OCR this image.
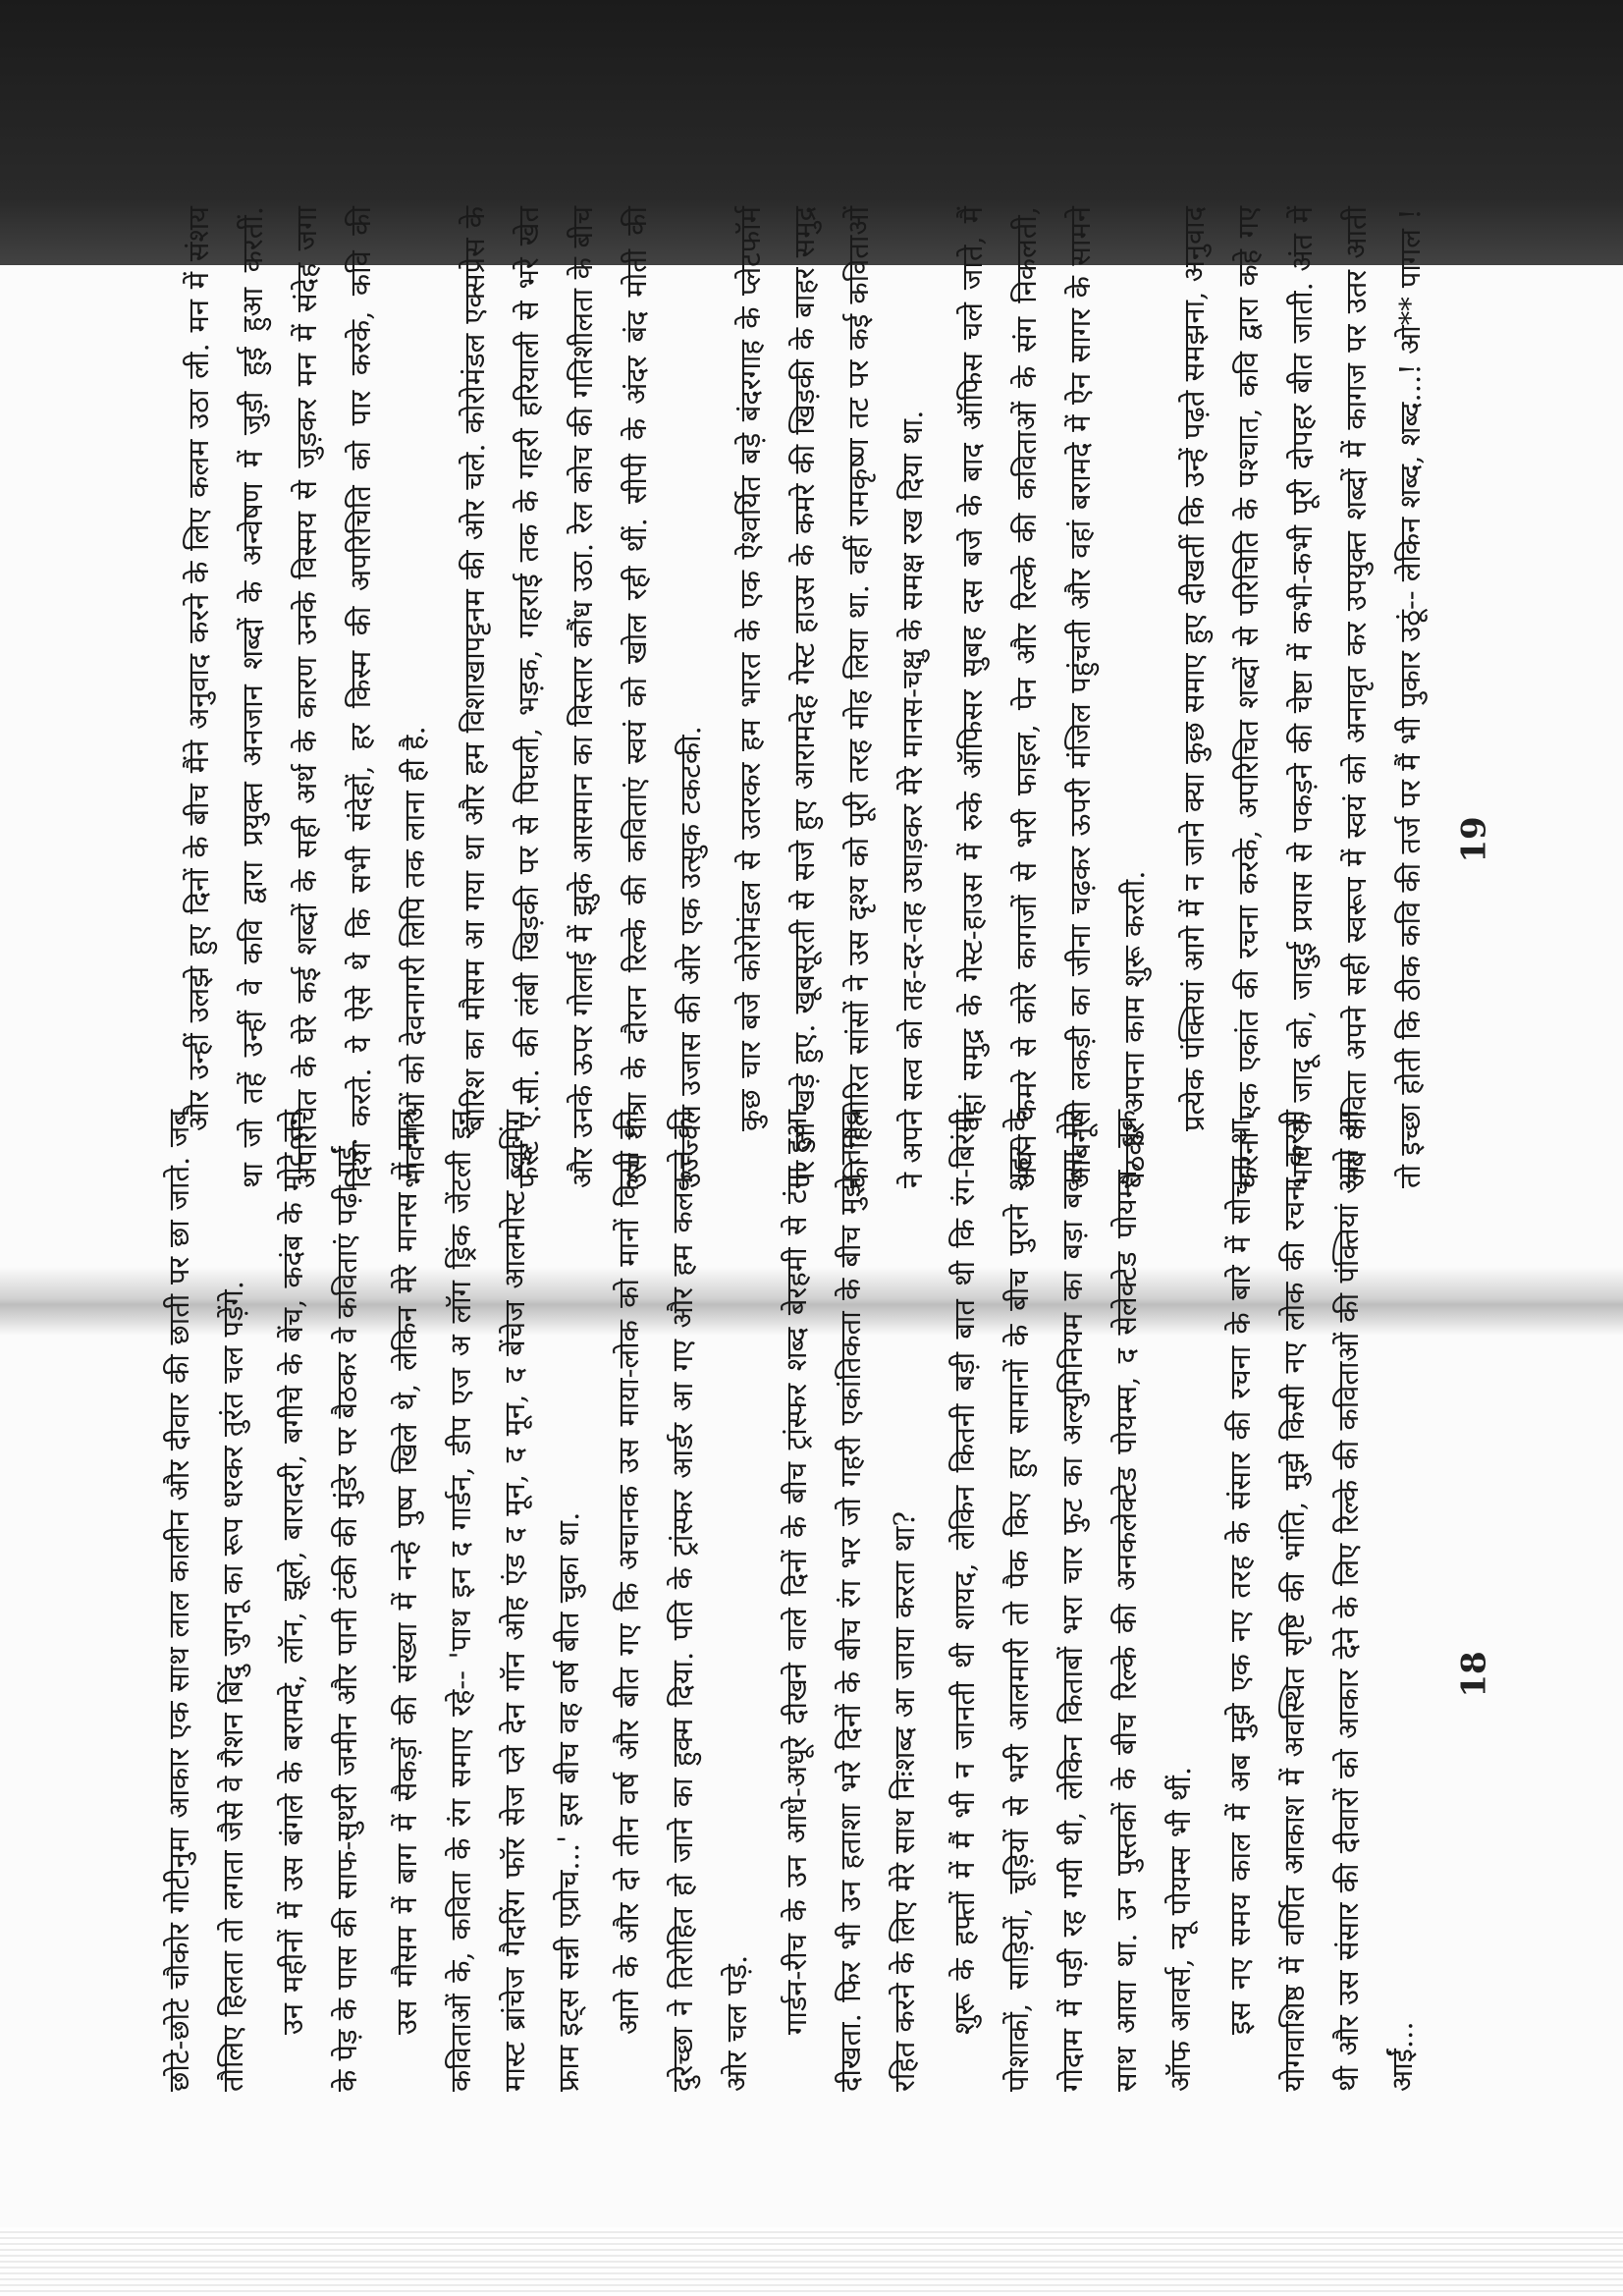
छोटे-छोटे चौकोर गोटीनुमा आकार एक साथ लाल कालीन और दीवार की छाती पर छा जाते. जब तौलिए हिलता तो लगता जैसे वे रौशन बिंदु जुगनू का रूप धरकर तुरंत चल पड़ेंगे. उन महीनों में उस बंगले के बरामदे, लॉन, झूले, बारादरी, बगीचे के बेंच, कदंब के मोटे तने के पेड़ के पास की साफ-सुथरी जमीन और पानी टंकी की मुंडेर पर बैठकर वे कविताएं पढ़ी गईं. उस मौसम में बाग में सैकड़ों की संख्या में नन्हे पुष्प खिले थे, लेकिन मेरे मानस में मात्र कविताओं के, कविता के रंग समाए रहे-- 'पाथ इन द गार्डन, डीप एज अ लॉग ड्रिंक जेंटली इन मास्ट ब्रांचेज गैदरिंग फॉर सेज प्ले देन गॉन ओह एंड द मून, द मून, द बेंचेज आलमोस्ट ब्लूमिंग फ्राम इट्स सन्नी एप्रोच...' इस बीच वह वर्ष बीत चुका था. आगे के और दो तीन वर्ष और बीत गए कि अचानक उस माया-लोक को मानों किसी की दुरेच्छा ने तिरोहित हो जाने का हुक्म दिया. पति के ट्रांस्फर आर्डर आ गए और हम कलकत्ते की ओर चल पड़े. गार्डन-रीच के उन आधे-अधूरे दीखने वाले दिनों के बीच ट्रांस्फर शब्द बेरहमी से टंगा हुआ दीखता. फिर भी उन हताशा भरे दिनों के बीच रंग भर जो गहरी एकांतिकता के बीच मुझे तनाव रहित करने के लिए मेरे साथ निःशब्द आ जाया करता था? शुरू के हफ्तों में मैं भी न जानती थी शायद, लेकिन कितनी बड़ी बात थी कि रंग-बिरंगी पोशाकों, साड़ियों, चूड़ियों से भरी आलमारी तो पैक किए हुए सामानों के बीच पुराने शहर के गोदाम में पड़ी रह गयी थी, लेकिन किताबों भरा चार फुट का अल्युमिनियम का बड़ा बक्सा मेरे साथ आया था. उन पुस्तकों के बीच रिल्के की अनकलेक्टेड पोयम्स, द सेलेक्टेड पोयम्स, बुक ऑफ आवर्स, न्यू पोयम्स भी थीं. इस नए समय काल में अब मुझे एक नए तरह के संसार की रचना के बारे में सोचना था, योगवाशिष्ठ में वर्णित आकाश में अवस्थित सृष्टि की भांति, मुझे किसी नए लोक की रचना करनी थी और उस संसार की दीवारों को आकार देने के लिए रिल्के की कविताओं की पंक्तियां आगे आ आईं...

और उन्हीं उलझे हुए दिनों के बीच मैंने अनुवाद करने के लिए कलम उठा ली. मन में संशय था जो तहें उन्हीं वे कवि द्वारा प्रयुक्त अनजान शब्दों के अन्वेषण में जुड़ी हुई हुआ करतीं. अपरिचित के घेरे कई शब्दों के सही अर्थ के कारण उनके विस्मय से जुड़कर मन में संदेह जगा दिया करते. ये ऐसे थे कि सभी संदेहों, हर किस्म की अपरिचिति को पार करके, कवि की भावनाओं को देवनागरी लिपि तक लाना ही है. बारिश का मौसम आ गया था और हम विशाखापट्टनम की ओर चले. कोरोमंडल एक्सप्रेस के फर्स्ट ए.सी. की लंबी खिड़की पर से पिघली, भड़क, गहराई तक के गहरी हरियाली से भरे खेत और उनके ऊपर गोलाई में झुके आसमान का विस्तार कौंध उठा. रेल कोच की गतिशीलता के बीच उस यात्रा के दौरान रिल्के की कविताएं स्वयं को खोल रही थीं. सीपी के अंदर बंद मोती की उज्ज्वल उजास की ओर एक उत्सुक टकटकी. कुछ चार बजे कोरोमंडल से उतरकर हम भारत के एक ऐश्वर्यित बड़े बंदरगाह के प्लेटफॉर्म पर जा खड़े हुए. खूबसूरती से सजे हुए आरामदेह गेस्ट हाउस के कमरे की खिड़की के बाहर समुद्र की हिलोरित सांसों ने उस दृश्य को पूरी तरह मोह लिया था. वहीं रामकृष्ण तट पर कई कविताओं ने अपने सत्व को तह-दर-तह उघाड़कर मेरे मानस-चक्षु के समक्ष रख दिया था. वहां समुद्र के गेस्ट-हाउस में रुके ऑफिसर सुबह दस बजे के बाद ऑफिस चले जाते, मैं अपने कमरे से कोरे कागजों से भरी फाइल, पेन और रिल्के की कविताओं के संग निकलती, आबनूसी लकड़ी का जीना चढ़कर ऊपरी मंजिल पहुंचती और वहां बरामदे में ऐन सागर के सामने बैठकर अपना काम शुरू करती. प्रत्येक पंक्तियां आगे में न जाने क्या कुछ समाए हुए दीखतीं कि उन्हें पढ़ते समझना, अनुवाद करना एक एकांत की रचना करके, अपरिचित शब्दों से परिचिति के पश्चात, कवि द्वारा कहे गए भाव के जादू को, जादुई प्रयास से पकड़ने की चेष्टा में कभी-कभी पूरी दोपहर बीत जाती. अंत में जब कविता अपने सही स्वरूप में स्वयं को अनावृत कर उपयुक्त शब्दों में कागज पर उतर आती तो इच्छा होती कि ठीक कवि की तर्ज पर मैं भी पुकार उठूं-- लेकिन शब्द, शब्द...! ओ** पागल !

18
19
